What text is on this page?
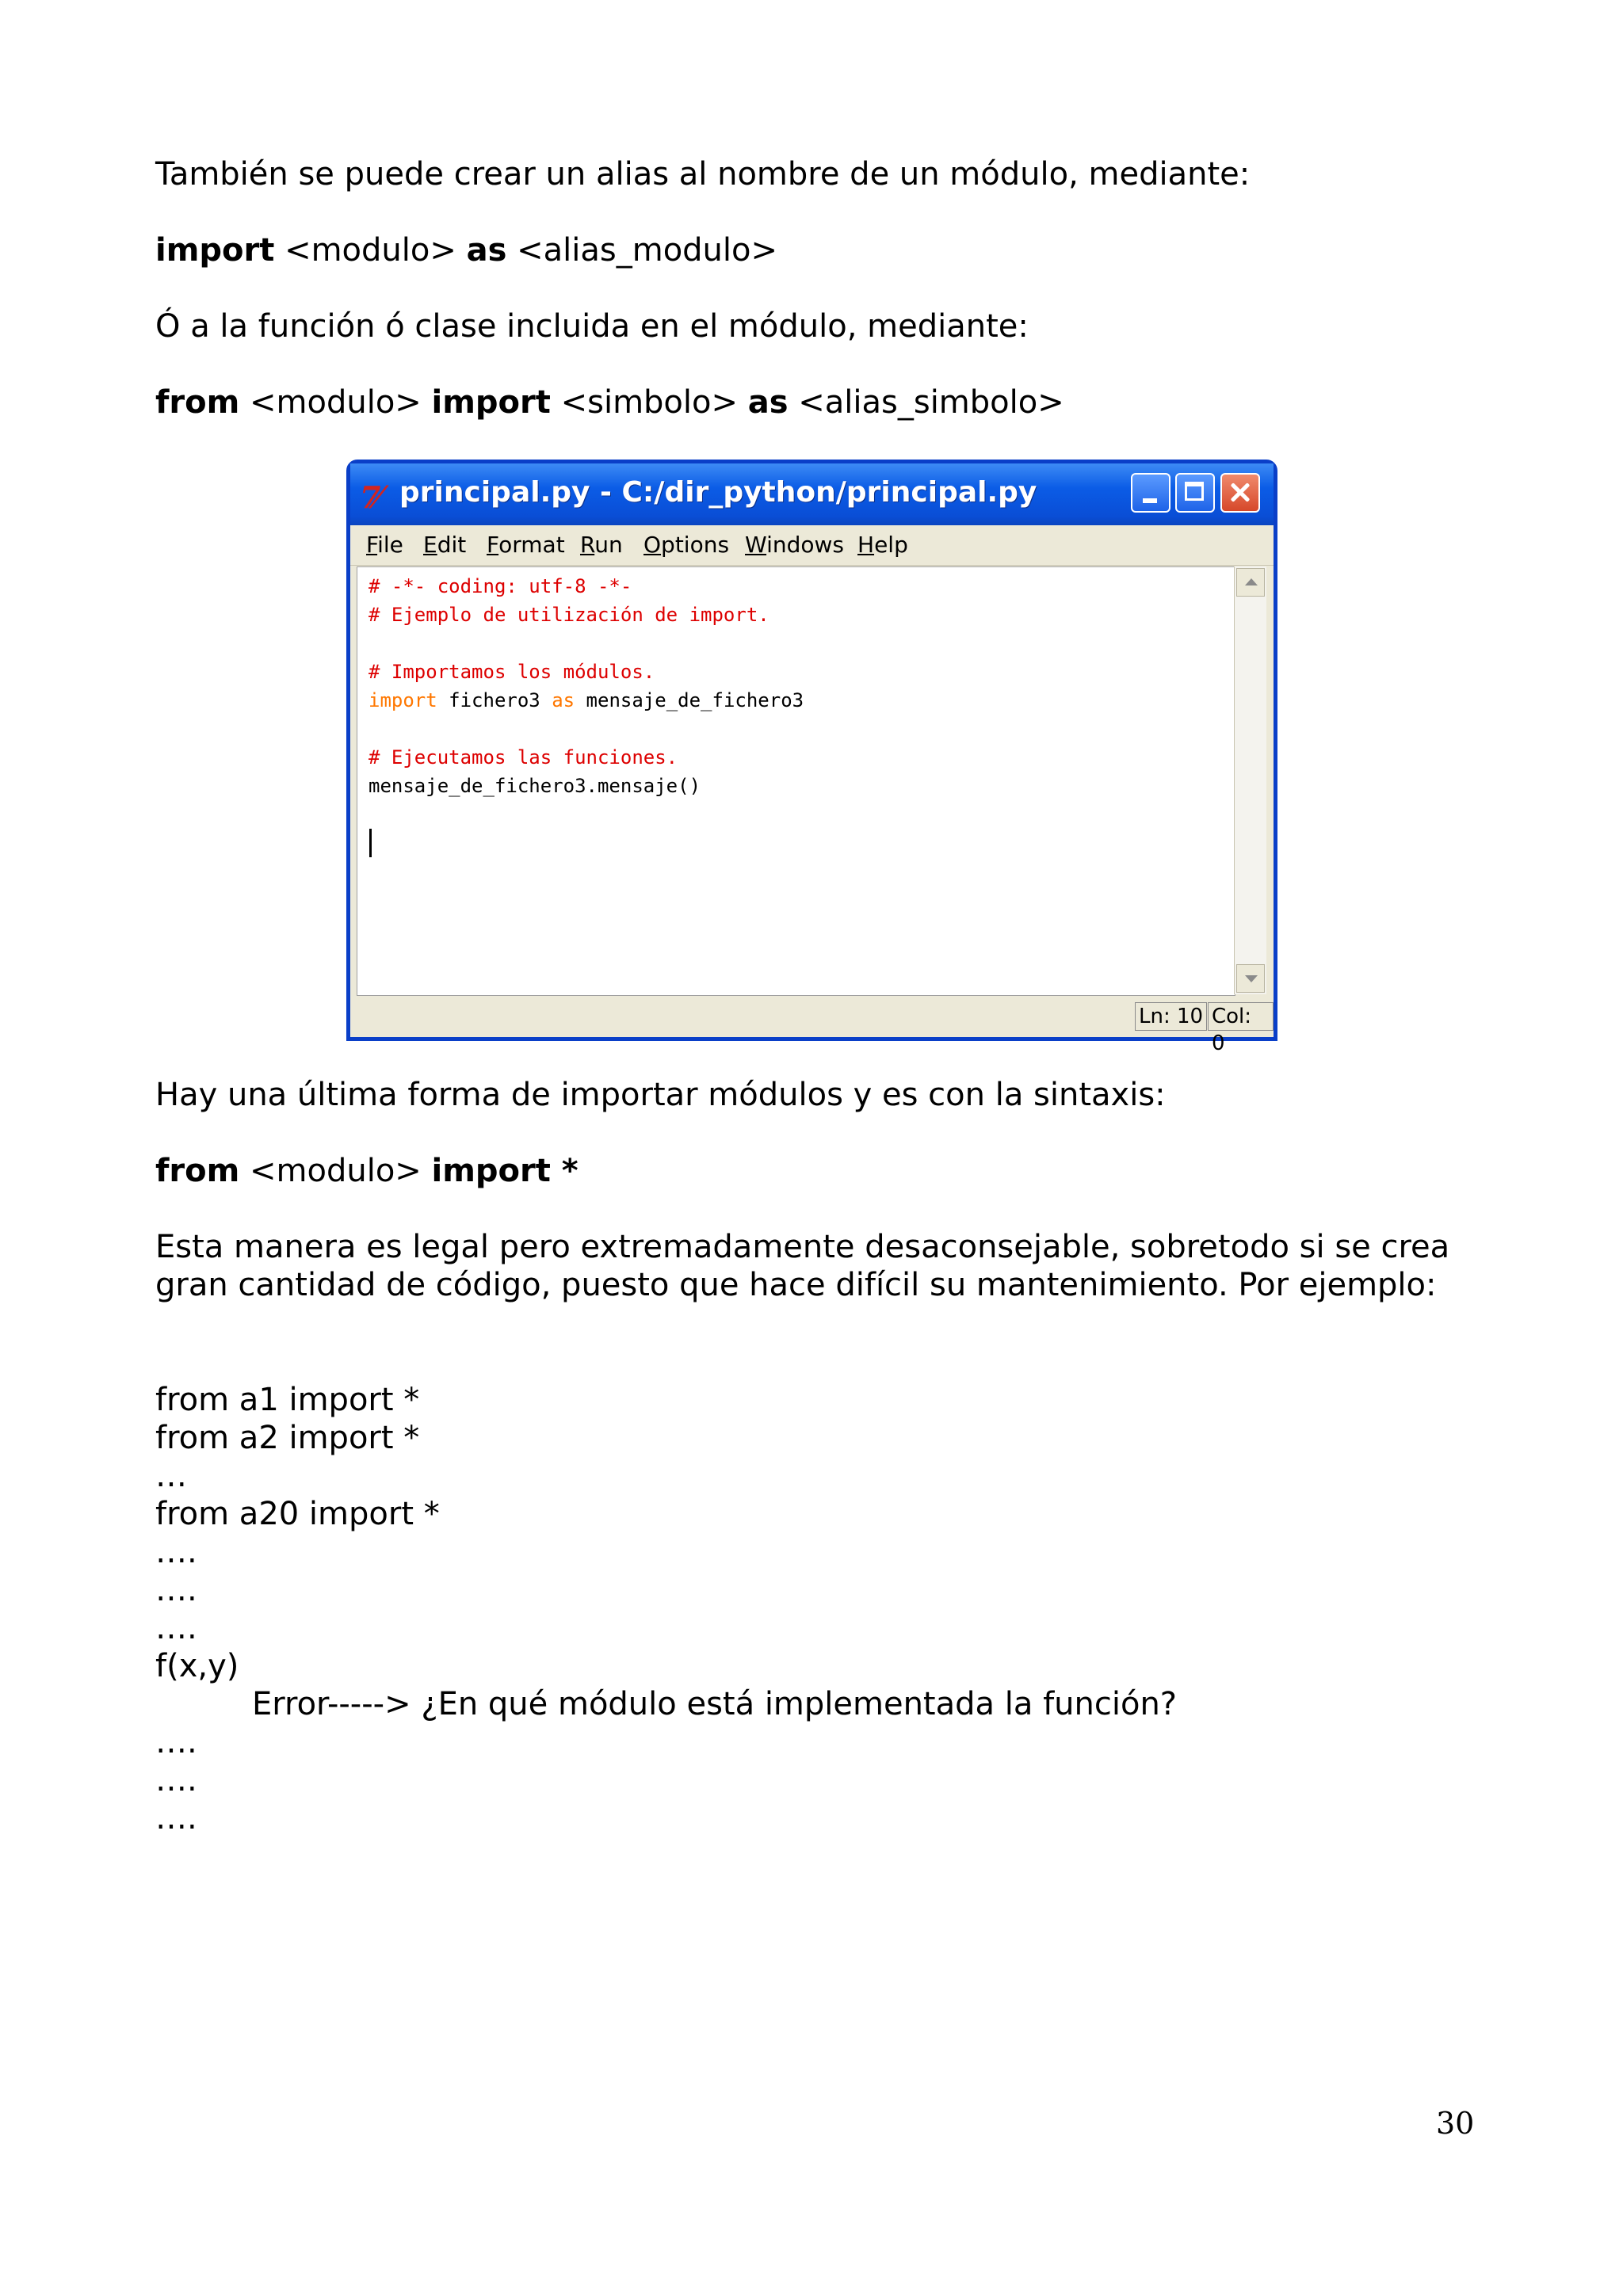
También se puede crear un alias al nombre de un módulo, mediante:

import <modulo> as <alias_modulo>

Ó a la función ó clase incluida en el módulo, mediante:

from <modulo> import <simbolo> as <alias_simbolo>

7⁄ principal.py - C:/dir_python/principal.py
File Edit Format Run Options Windows Help
# -*- coding: utf-8 -*-
# Ejemplo de utilización de import.
# Importamos los módulos.
import fichero3 as mensaje_de_fichero3
# Ejecutamos las funciones.
mensaje_de_fichero3.mensaje()
Ln: 10 Col: 0

Hay una última forma de importar módulos y es con la sintaxis:

from <modulo> import *

Esta manera es legal pero extremadamente desaconsejable, sobretodo si se crea gran cantidad de código, puesto que hace difícil su mantenimiento. Por ejemplo:

from a1 import *

from a2 import *

…

from a20 import *

….

….

….

f(x,y)

Error-----> ¿En qué módulo está implementada la función?

….

….

….

30
